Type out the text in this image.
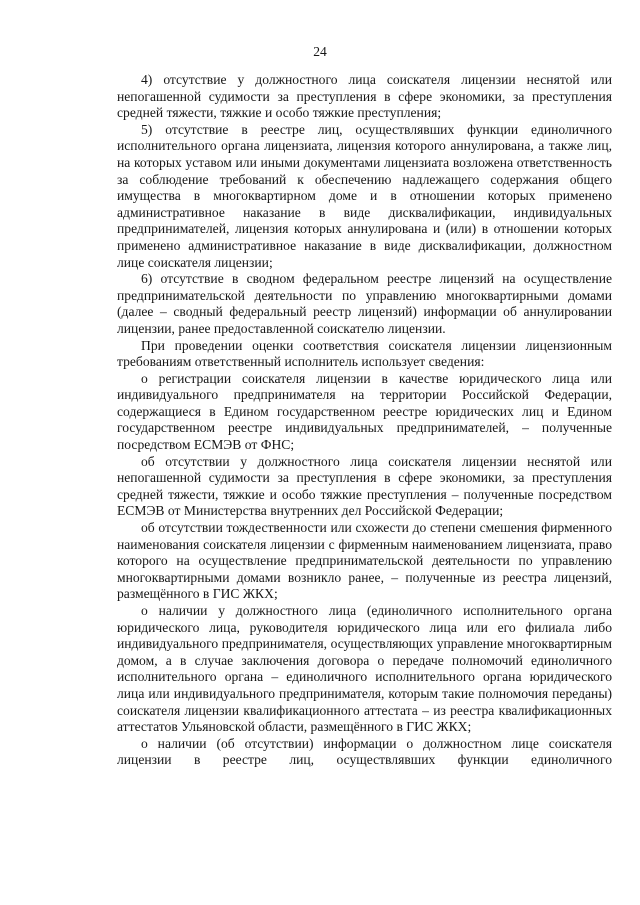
24

4) отсутствие у должностного лица соискателя лицензии неснятой или непогашенной судимости за преступления в сфере экономики, за преступления средней тяжести, тяжкие и особо тяжкие преступления;

5) отсутствие в реестре лиц, осуществлявших функции единоличного исполнительного органа лицензиата, лицензия которого аннулирована, а также лиц, на которых уставом или иными документами лицензиата возложена ответственность за соблюдение требований к обеспечению надлежащего содержания общего имущества в многоквартирном доме и в отношении которых применено административное наказание в виде дисквалификации, индивидуальных предпринимателей, лицензия которых аннулирована и (или) в отношении которых применено административное наказание в виде дисквалификации, должностном лице соискателя лицензии;

6) отсутствие в сводном федеральном реестре лицензий на осуществление предпринимательской деятельности по управлению многоквартирными домами (далее – сводный федеральный реестр лицензий) информации об аннулировании лицензии, ранее предоставленной соискателю лицензии.

При проведении оценки соответствия соискателя лицензии лицензионным требованиям ответственный исполнитель использует сведения:

о регистрации соискателя лицензии в качестве юридического лица или индивидуального предпринимателя на территории Российской Федерации, содержащиеся в Едином государственном реестре юридических лиц и Едином государственном реестре индивидуальных предпринимателей, – полученные посредством ЕСМЭВ от ФНС;

об отсутствии у должностного лица соискателя лицензии неснятой или непогашенной судимости за преступления в сфере экономики, за преступления средней тяжести, тяжкие и особо тяжкие преступления – полученные посредством ЕСМЭВ от Министерства внутренних дел Российской Федерации;

об отсутствии тождественности или схожести до степени смешения фирменного наименования соискателя лицензии с фирменным наименованием лицензиата, право которого на осуществление предпринимательской деятельности по управлению многоквартирными домами возникло ранее, – полученные из реестра лицензий, размещённого в ГИС ЖКХ;

о наличии у должностного лица (единоличного исполнительного органа юридического лица, руководителя юридического лица или его филиала либо индивидуального предпринимателя, осуществляющих управление многоквартирным домом, а в случае заключения договора о передаче полномочий единоличного исполнительного органа – единоличного исполнительного органа юридического лица или индивидуального предпринимателя, которым такие полномочия переданы) соискателя лицензии квалификационного аттестата – из реестра квалификационных аттестатов Ульяновской области, размещённого в ГИС ЖКХ;

о наличии (об отсутствии) информации о должностном лице соискателя лицензии в реестре лиц, осуществлявших функции единоличного
